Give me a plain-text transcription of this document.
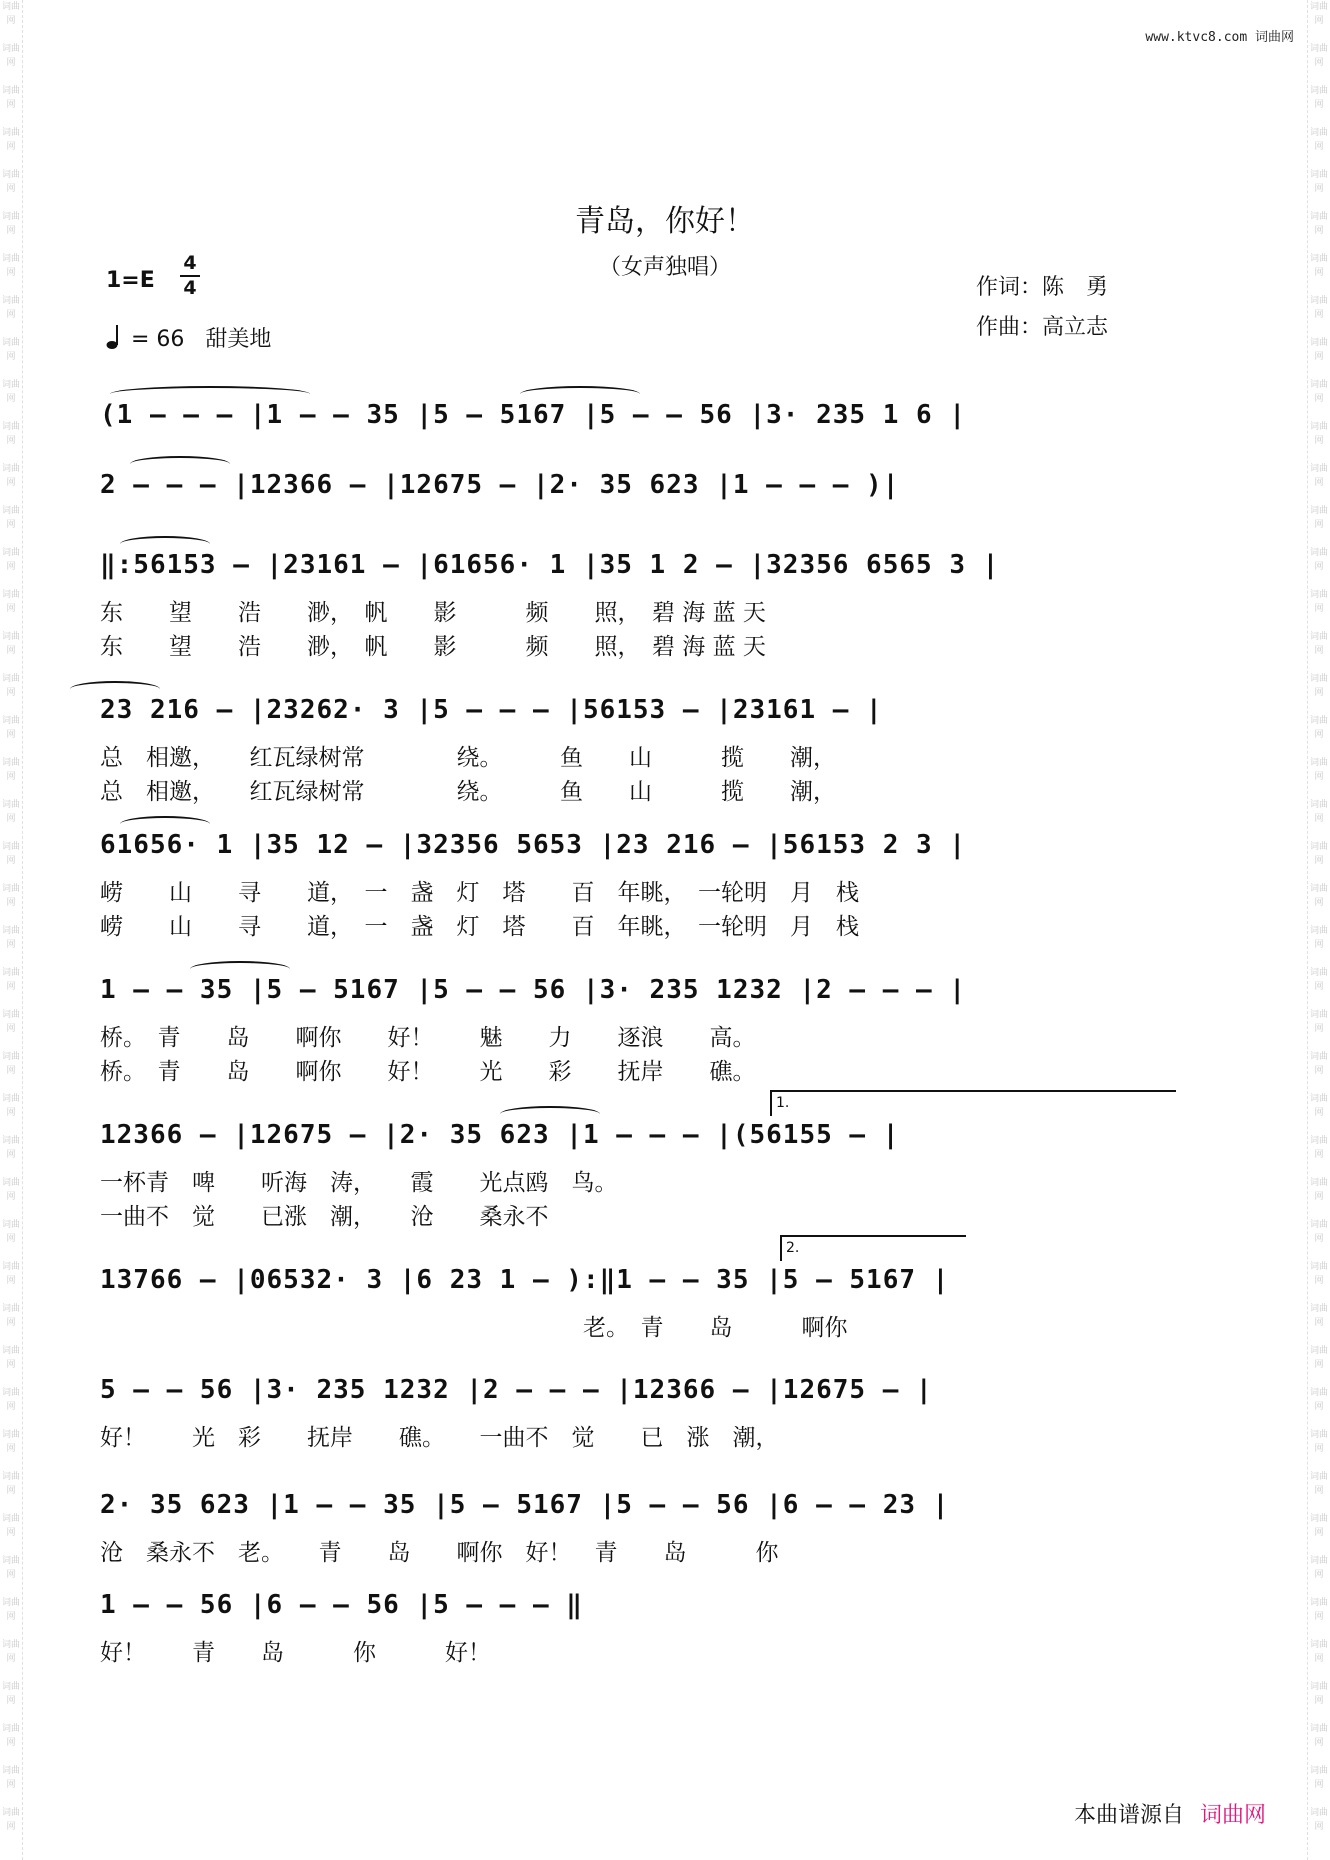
词曲网
词曲网
词曲网
词曲网
词曲网
词曲网
词曲网
词曲网
词曲网
词曲网
词曲网
词曲网
词曲网
词曲网
词曲网
词曲网
词曲网
词曲网
词曲网
词曲网
词曲网
词曲网
词曲网
词曲网
词曲网
词曲网
词曲网
词曲网
词曲网
词曲网
词曲网
词曲网
词曲网
词曲网
词曲网
词曲网
词曲网
词曲网
词曲网
词曲网
词曲网
词曲网
词曲网
词曲网
词曲网
词曲网
词曲网
词曲网
词曲网
词曲网
词曲网
词曲网
词曲网
词曲网
词曲网
词曲网
词曲网
词曲网
词曲网
词曲网
词曲网
词曲网
词曲网
词曲网
词曲网
词曲网
词曲网
词曲网
词曲网
词曲网
词曲网
词曲网
词曲网
词曲网
词曲网
词曲网
词曲网
词曲网
词曲网
词曲网
词曲网
词曲网
词曲网
词曲网
词曲网
词曲网
词曲网
词曲网
www.ktvc8.com 词曲网
青岛，你好！
（女声独唱）
1=E
4
4
= 66 甜美地
作词：陈　勇
作曲：高立志
(1 – – – |1 – – 35 |5 – 5167 |5 – – 56 |3· 235 1 6 |
2 – – – |12366 – |12675 – |2· 35 623 |1 – – – )|
‖:56153 – |23161 – |61656· 1 |35 1 2 – |32356 6565 3 |
东　　望　　浩　　渺，　帆　　影　　　频　　照，　碧 海 蓝 天
东　　望　　浩　　渺，　帆　　影　　　频　　照，　碧 海 蓝 天
23 216 – |23262· 3 |5 – – – |56153 – |23161 – |
总　相邀，　　红瓦绿树常　　　　绕。　　　鱼　　山　　　揽　　潮，
总　相邀，　　红瓦绿树常　　　　绕。　　　鱼　　山　　　揽　　潮，
61656· 1 |35 12 – |32356 5653 |23 216 – |56153 2 3 |
崂　　山　　寻　　道，　一　盏　灯　塔　　百　年眺，　一轮明　月　栈
崂　　山　　寻　　道，　一　盏　灯　塔　　百　年眺，　一轮明　月　栈
1 – – 35 |5 – 5167 |5 – – 56 |3· 235 1232 |2 – – – |
桥。　青　　岛　　啊你　　好！　　魅　　力　　逐浪　　高。
桥。　青　　岛　　啊你　　好！　　光　　彩　　抚岸　　礁。
12366 – |12675 – |2· 35 623 |1 – – – |(56155 – |
一杯青　啤　　听海　涛，　　霞　　光点鸥　鸟。
一曲不　觉　　已涨　潮，　　沧　　桑永不
1.
13766 – |06532· 3 |6 23 1 – ):‖1 – – 35 |5 – 5167 |
　　　　　　　　　　　　　　　　　　　　　老。　青　　岛　　　啊你
2.
5 – – 56 |3· 235 1232 |2 – – – |12366 – |12675 – |
好！　　光　彩　　抚岸　　礁。　　一曲不　觉　　已　涨　潮，
2· 35 623 |1 – – 35 |5 – 5167 |5 – – 56 |6 – – 23 |
沧　桑永不　老。　　青　　岛　　啊你　好！　青　　岛　　　你
1 – – 56 |6 – – 56 |5 – – – ‖
好！　　青　　岛　　　你　　　好！
本曲谱源自 词曲网
